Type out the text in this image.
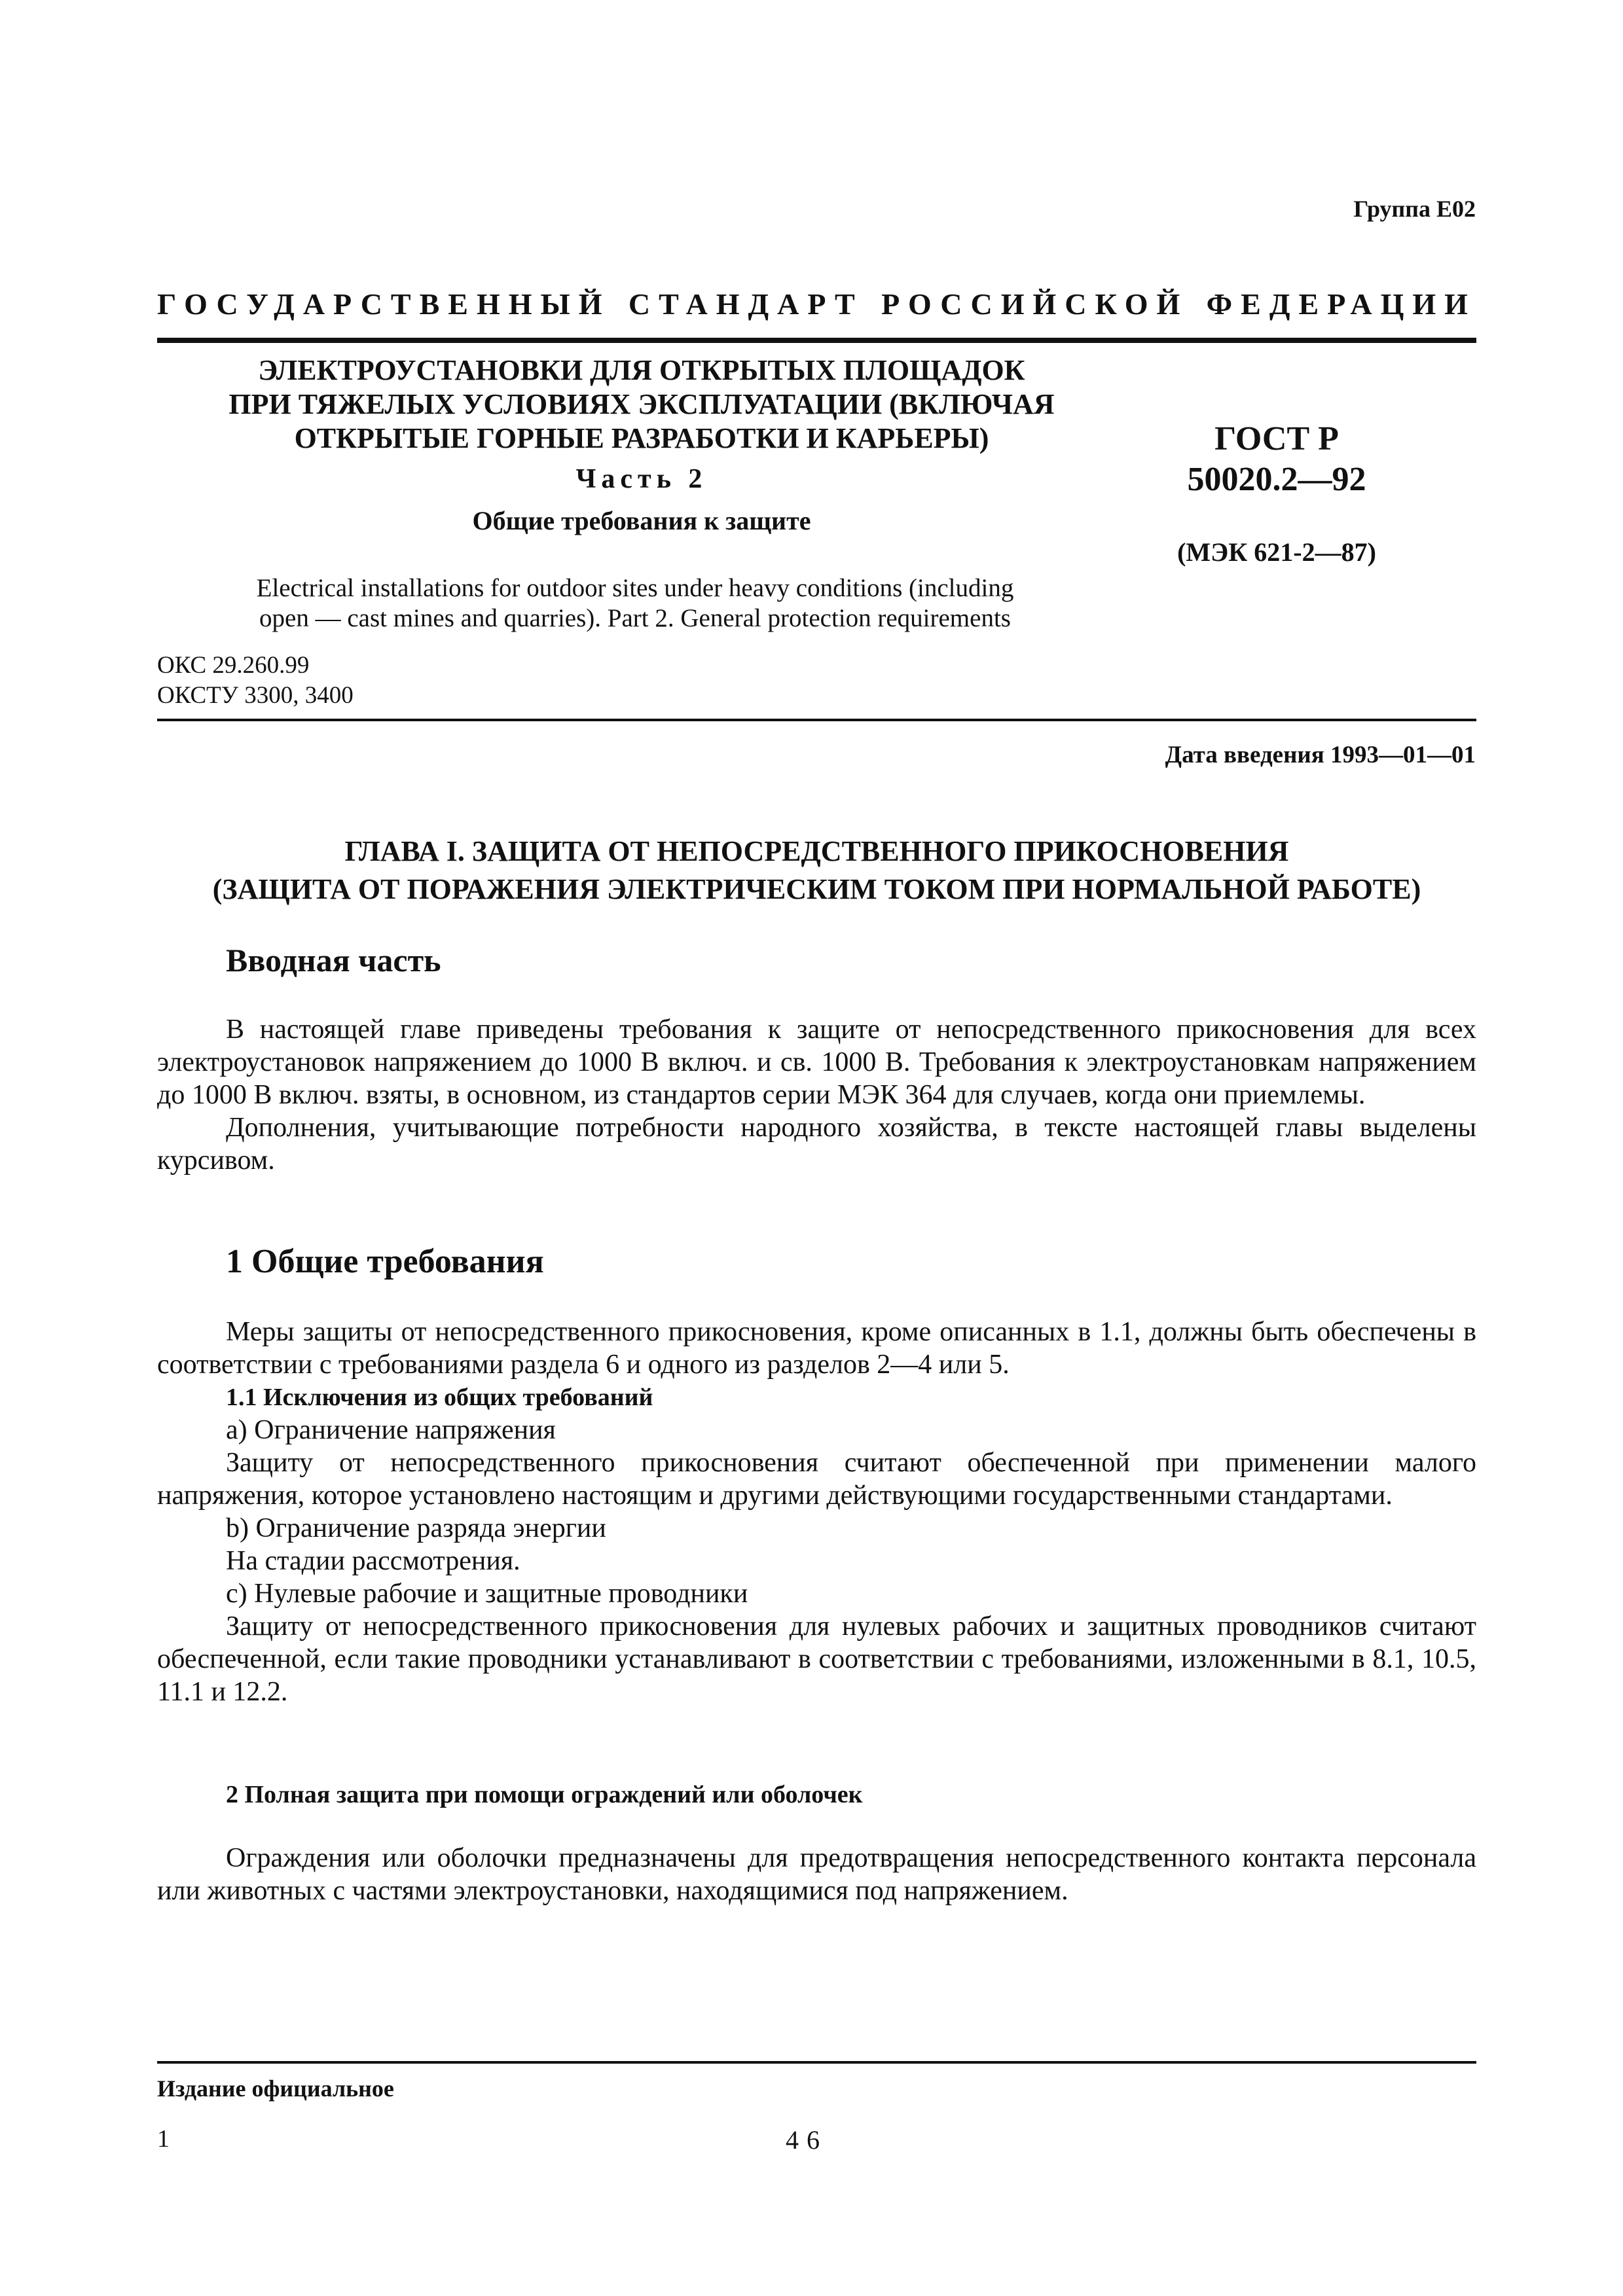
Группа Е02
ГОСУДАРСТВЕННЫЙ СТАНДАРТ РОССИЙСКОЙ ФЕДЕРАЦИИ
ЭЛЕКТРОУСТАНОВКИ ДЛЯ ОТКРЫТЫХ ПЛОЩАДОК
ПРИ ТЯЖЕЛЫХ УСЛОВИЯХ ЭКСПЛУАТАЦИИ (ВКЛЮЧАЯ
ОТКРЫТЫЕ ГОРНЫЕ РАЗРАБОТКИ И КАРЬЕРЫ)
Часть 2
Общие требования к защите
Electrical installations for outdoor sites under heavy conditions (including
open — cast mines and quarries). Part 2. General protection requirements
ГОСТ Р
50020.2—92
(МЭК 621-2—87)
ОКС 29.260.99
ОКСТУ 3300, 3400
Дата введения 1993—01—01
ГЛАВА I. ЗАЩИТА ОТ НЕПОСРЕДСТВЕННОГО ПРИКОСНОВЕНИЯ
(ЗАЩИТА ОТ ПОРАЖЕНИЯ ЭЛЕКТРИЧЕСКИМ ТОКОМ ПРИ НОРМАЛЬНОЙ РАБОТЕ)
Вводная часть

В настоящей главе приведены требования к защите от непосредственного прикосновения для всех электроустановок напряжением до 1000 В включ. и св. 1000 В. Требования к электроустановкам напряжением до 1000 В включ. взяты, в основном, из стандартов серии МЭК 364 для случаев, когда они приемлемы.

Дополнения, учитывающие потребности народного хозяйства, в тексте настоящей главы выделены курсивом.

1 Общие требования

Меры защиты от непосредственного прикосновения, кроме описанных в 1.1, должны быть обеспечены в соответствии с требованиями раздела 6 и одного из разделов 2—4 или 5.

1.1 Исключения из общих требований

а) Ограничение напряжения

Защиту от непосредственного прикосновения считают обеспеченной при применении малого напряжения, которое установлено настоящим и другими действующими государственными стандартами.

b) Ограничение разряда энергии

На стадии рассмотрения.

с) Нулевые рабочие и защитные проводники

Защиту от непосредственного прикосновения для нулевых рабочих и защитных проводников считают обеспеченной, если такие проводники устанавливают в соответствии с требованиями, изложенными в 8.1, 10.5, 11.1 и 12.2.

2 Полная защита при помощи ограждений или оболочек

Ограждения или оболочки предназначены для предотвращения непосредственного контакта персонала или животных с частями электроустановки, находящимися под напряжением.

Издание официальное
1	46
